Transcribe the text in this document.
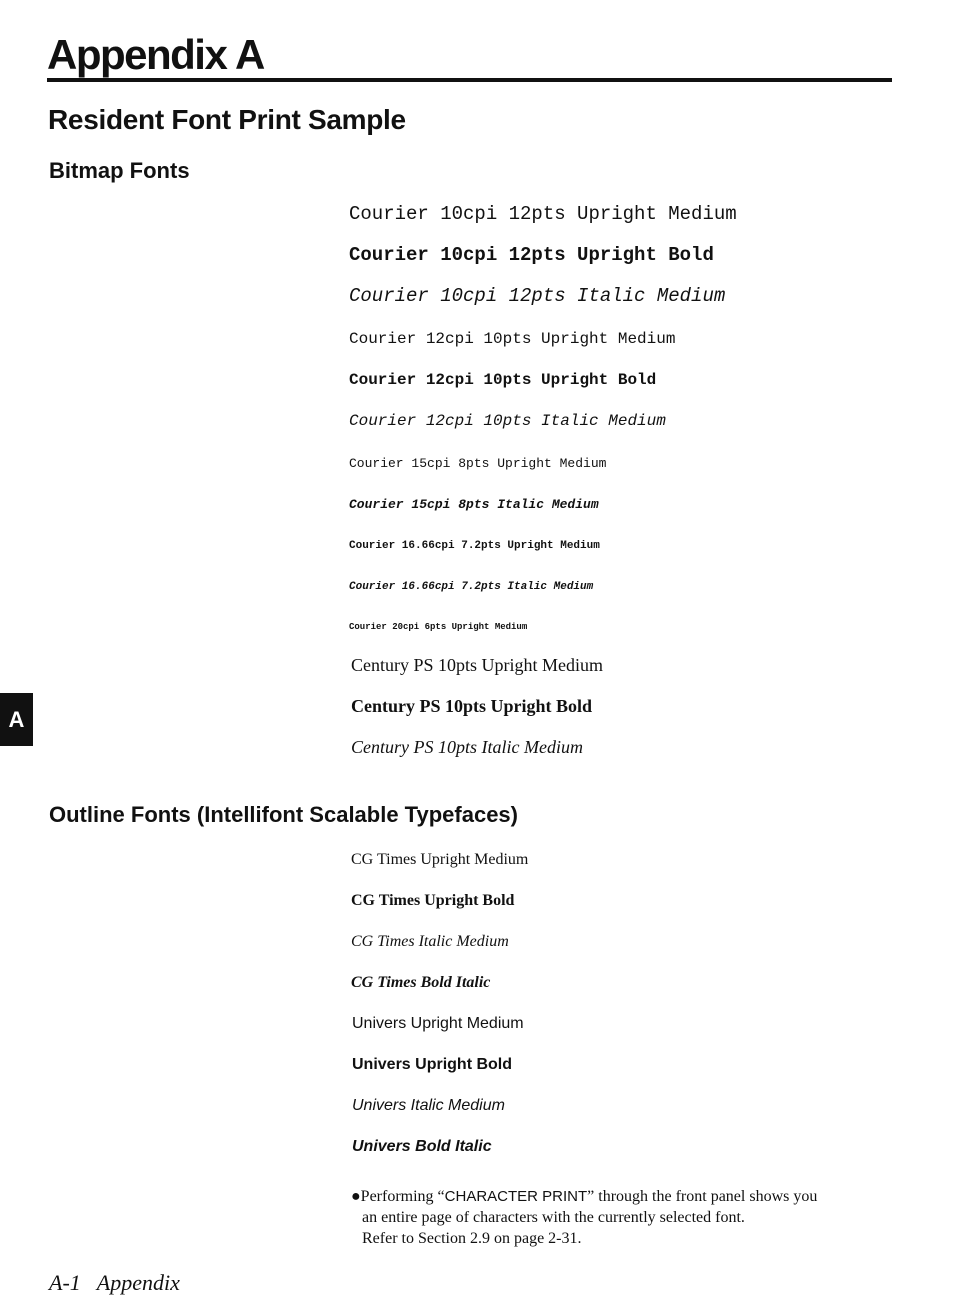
Appendix A
Resident Font Print Sample
Bitmap Fonts
Courier 10cpi 12pts Upright Medium
Courier 10cpi 12pts Upright Bold
Courier 10cpi 12pts Italic Medium
Courier 12cpi 10pts Upright Medium
Courier 12cpi 10pts Upright Bold
Courier 12cpi 10pts Italic Medium
Courier 15cpi 8pts Upright Medium
Courier 15cpi 8pts Italic Medium
Courier 16.66cpi 7.2pts Upright Medium
Courier 16.66cpi 7.2pts Italic Medium
Courier 20cpi 6pts Upright Medium
Century PS 10pts Upright Medium
Century PS 10pts Upright Bold
Century PS 10pts Italic Medium
A
Outline Fonts (Intellifont Scalable Typefaces)
CG Times Upright Medium
CG Times Upright Bold
CG Times Italic Medium
CG Times Bold Italic
Univers Upright Medium
Univers Upright Bold
Univers Italic Medium
Univers Bold Italic
●Performing “CHARACTER PRINT” through the front panel shows you
an entire page of characters with the currently selected font.
Refer to Section 2.9 on page 2-31.
A-1 Appendix
